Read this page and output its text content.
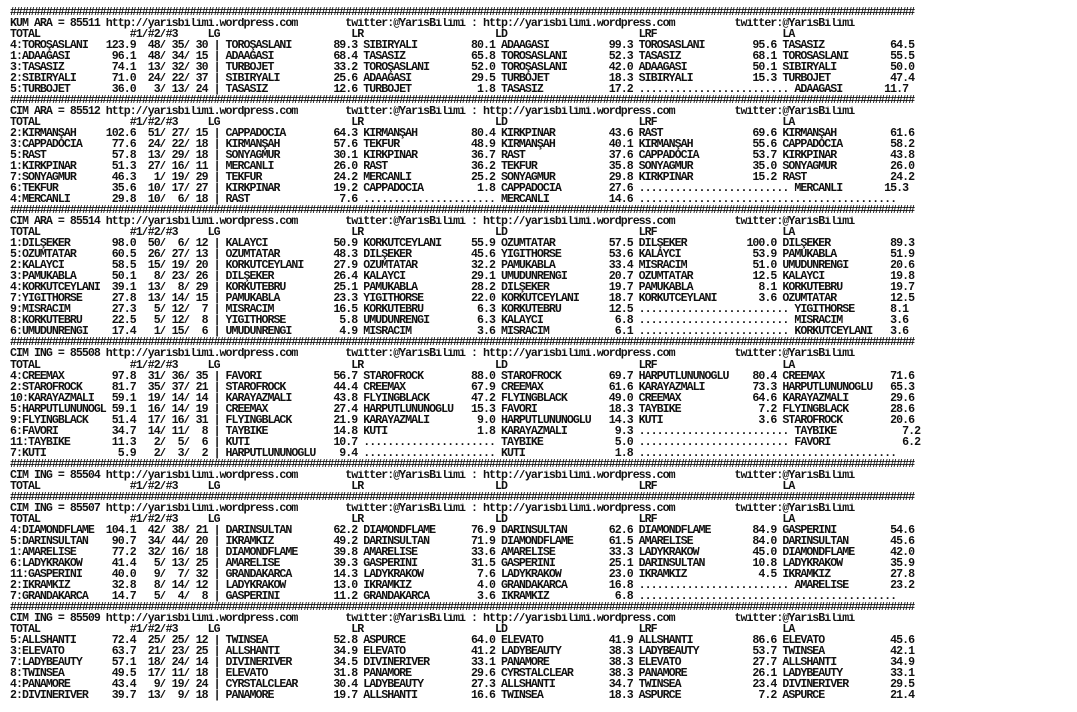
#######################################################################################################################################################
KUM ARA = 85511 http://yarisbilimi.wordpress.com        twitter:@YarisBilimi : http://yarisbilimi.wordpress.com          twitter:@YarisBilimi
TOTAL               #1/#2/#3     LG                      LR                      LD                      LRF                     LA
4:TOROŞASLANI   123.9  48/ 35/ 30 | TOROŞASLANI       89.3 SİBİRYALI         80.1 ADAAĞASI          99.3 TOROSASLANI        95.6 TASASIZ           64.5
1:ADAAĞASI       96.1  48/ 34/ 15 | ADAAĞASI          68.4 TASASIZ           65.8 TOROSASLANI       52.3 TASASIZ            68.1 TOROSASLANI       55.5
3:TASASIZ        74.1  13/ 32/ 30 | TURBOJET          33.2 TOROŞASLANI       52.0 TOROŞASLANI       42.0 ADAAĞASI           50.1 SİBİRYALI         50.0
2:SİBİRYALI      71.0  24/ 22/ 37 | SİBİRYALI         25.6 ADAAĞASI          29.5 TURBOJET          18.3 SİBİRYALI          15.3 TURBOJET          47.4
5:TURBOJET       36.0   3/ 13/ 24 | TASASIZ           12.6 TURBOJET           1.8 TASASIZ           17.2 ......................... ADAAĞASI       11.7
#######################################################################################################################################################
CIM ARA = 85512 http://yarisbilimi.wordpress.com        twitter:@YarisBilimi : http://yarisbilimi.wordpress.com          twitter:@YarisBilimi
TOTAL               #1/#2/#3     LG                      LR                      LD                      LRF                     LA
2:KIRMANŞAH     102.6  51/ 27/ 15 | CAPPADOCIA        64.3 KIRMANŞAH         80.4 KIRKPINAR         43.6 RAST               69.6 KIRMANŞAH         61.6
3:CAPPADOCIA     77.6  24/ 22/ 18 | KIRMANŞAH         57.6 TEKFUR            48.9 KIRMANŞAH         40.1 KIRMANŞAH          55.6 CAPPADOCIA        58.2
5:RAST           57.8  13/ 29/ 18 | SONYAĞMUR         30.1 KIRKPINAR         36.7 RAST              37.6 CAPPADOCIA         53.7 KIRKPINAR         43.8
1:KIRKPINAR      51.3  27/ 16/ 11 | MERCANLI          26.0 RAST              36.2 TEKFUR            35.8 SONYAĞMUR          35.0 SONYAĞMUR         26.0
7:SONYAĞMUR      46.3   1/ 19/ 29 | TEKFUR            24.2 MERCANLI          25.2 SONYAĞMUR         29.8 KIRKPINAR          15.2 RAST              24.2
6:TEKFUR         35.6  10/ 17/ 27 | KIRKPINAR         19.2 CAPPADOCIA         1.8 CAPPADOCIA        27.6 ......................... MERCANLI       15.3
4:MERCANLI       29.8  10/  6/ 18 | RAST               7.6 ...................... MERCANLI          14.6 ...........................................
#######################################################################################################################################################
CIM ARA = 85514 http://yarisbilimi.wordpress.com        twitter:@YarisBilimi : http://yarisbilimi.wordpress.com          twitter:@YarisBilimi
TOTAL               #1/#2/#3     LG                      LR                      LD                      LRF                     LA
1:DİLŞEKER       98.0  50/  6/ 12 | KALAYCI           50.9 KORKUTCEYLANI     55.9 ÖZÜMTATAR         57.5 DİLŞEKER          100.0 DİLŞEKER          89.3
5:ÖZÜMTATAR      60.5  26/ 27/ 13 | ÖZÜMTATAR         48.3 DİLŞEKER          45.6 YİĞİTHORSE        53.6 KALAYCI            53.9 PAMUKABLA         51.9
2:KALAYCI        58.5  15/ 19/ 20 | KORKUTCEYLANI     27.9 ÖZÜMTATAR         32.2 PAMUKABLA         33.4 MISRACIM           51.0 UMUDUNRENGİ       20.6
3:PAMUKABLA      50.1   8/ 23/ 26 | DİLŞEKER          26.4 KALAYCI           29.1 UMUDUNRENGİ       20.7 ÖZÜMTATAR          12.5 KALAYCI           19.8
4:KORKUTCEYLANI  39.1  13/  8/ 29 | KORKUTEBRU        25.1 PAMUKABLA         28.2 DİLŞEKER          19.7 PAMUKABLA           8.1 KORKUTEBRU        19.7
7:YİĞİTHORSE     27.8  13/ 14/ 15 | PAMUKABLA         23.3 YİĞİTHORSE        22.0 KORKUTCEYLANI     18.7 KORKUTCEYLANI       3.6 ÖZÜMTATAR         12.5
9:MISRACIM       27.3   5/ 12/  7 | MISRACIM          16.5 KORKUTEBRU         6.3 KORKUTEBRU        12.5 ......................... YİĞİTHORSE      8.1
8:KORKUTEBRU     22.5   5/ 12/  8 | YİĞİTHORSE         5.8 UMUDUNRENGİ        6.3 KALAYCI            6.8 ......................... MISRACIM        3.6
6:UMUDUNRENGİ    17.4   1/ 15/  6 | UMUDUNRENGİ        4.9 MISRACIM           3.6 MISRACIM           6.1 ......................... KORKUTCEYLANI   3.6
#######################################################################################################################################################
CIM ING = 85508 http://yarisbilimi.wordpress.com        twitter:@YarisBilimi : http://yarisbilimi.wordpress.com          twitter:@YarisBilimi
TOTAL               #1/#2/#3     LG                      LR                      LD                      LRF                     LA
4:CREEMAX        97.8  31/ 36/ 35 | FAVORİ            56.7 STAROFROCK        88.0 STAROFROCK        69.7 HARPUTLUNUNOĞLU    80.4 CREEMAX           71.6
2:STAROFROCK     81.7  35/ 37/ 21 | STAROFROCK        44.4 CREEMAX           67.9 CREEMAX           61.6 KARAYAZMALI        73.3 HARPUTLUNUNOĞLU   65.3
10:KARAYAZMALI   59.1  19/ 14/ 14 | KARAYAZMALI       43.8 FLYINGBLACK       47.2 FLYINGBLACK       49.0 CREEMAX            64.6 KARAYAZMALI       29.6
5:HARPUTLUNUNOĞL 59.1  16/ 14/ 19 | CREEMAX           27.4 HARPUTLUNUNOĞLU   15.3 FAVORİ            18.3 TAYBİKE             7.2 FLYINGBLACK       28.6
9:FLYINGBLACK    51.4  17/ 16/ 31 | FLYINGBLACK       21.9 KARAYAZMALI        9.0 HARPUTLUNUNOĞLU   14.3 KUTİ                3.6 STAROFROCK        20.6
6:FAVORİ         34.7  14/ 11/  8 | TAYBİKE           14.8 KUTİ               1.8 KARAYAZMALI        9.3 ......................... TAYBİKE           7.2
11:TAYBİKE       11.3   2/  5/  6 | KUTİ              10.7 ...................... TAYBİKE            5.0 ......................... FAVORİ            6.2
7:KUTİ            5.9   2/  3/  2 | HARPUTLUNUNOĞLU    9.4 ...................... KUTİ               1.8 ...........................................
#######################################################################################################################################################
CIM ING = 85504 http://yarisbilimi.wordpress.com        twitter:@YarisBilimi : http://yarisbilimi.wordpress.com          twitter:@YarisBilimi
TOTAL               #1/#2/#3     LG                      LR                      LD                      LRF                     LA
#######################################################################################################################################################
CIM ING = 85507 http://yarisbilimi.wordpress.com        twitter:@YarisBilimi : http://yarisbilimi.wordpress.com          twitter:@YarisBilimi
TOTAL               #1/#2/#3     LG                      LR                      LD                      LRF                     LA
4:DIAMONDFLAME  104.1  42/ 38/ 21 | DARİNSULTAN       62.2 DIAMONDFLAME      76.9 DARİNSULTAN       62.6 DIAMONDFLAME       84.9 GASPERINI         54.6
5:DARİNSULTAN    90.7  34/ 44/ 20 | İKRAMKIZ          49.2 DARİNSULTAN       71.9 DIAMONDFLAME      61.5 AMARELISE          84.0 DARİNSULTAN       45.6
1:AMARELISE      77.2  32/ 16/ 18 | DIAMONDFLAME      39.8 AMARELISE         33.6 AMARELISE         33.3 LADYKRAKOW         45.0 DIAMONDFLAME      42.0
6:LADYKRAKOW     41.4   5/ 13/ 25 | AMARELISE         39.3 GASPERINI         31.5 GASPERINI         25.1 DARİNSULTAN        10.8 LADYKRAKOW        35.9
11:GASPERINI     40.0   9/  7/ 32 | GRANDAKARCA       14.3 LADYKRAKOW         7.6 LADYKRAKOW        23.0 İKRAMKIZ            4.5 İKRAMKIZ          27.8
2:İKRAMKIZ       32.8   8/ 14/ 12 | LADYKRAKOW        13.0 İKRAMKIZ           4.0 GRANDAKARCA       16.8 ......................... AMARELISE       23.2
7:GRANDAKARCA    14.7   5/  4/  8 | GASPERINI         11.2 GRANDAKARCA        3.6 İKRAMKIZ           6.8 ...........................................
#######################################################################################################################################################
CIM ING = 85509 http://yarisbilimi.wordpress.com        twitter:@YarisBilimi : http://yarisbilimi.wordpress.com          twitter:@YarisBilimi
TOTAL               #1/#2/#3     LG                      LR                      LD                      LRF                     LA
5:ALLSHANTI      72.4  25/ 25/ 12 | TWINSEA           52.8 ASPURCE           64.0 ELEVATO           41.9 ALLSHANTI          86.6 ELEVATO           45.6
3:ELEVATO        63.7  21/ 23/ 25 | ALLSHANTI         34.9 ELEVATO           41.2 LADYBEAUTY        38.3 LADYBEAUTY         53.7 TWINSEA           42.1
7:LADYBEAUTY     57.1  18/ 24/ 14 | DIVINERIVER       34.5 DIVINERIVER       33.1 PANAMORE          38.3 ELEVATO            27.7 ALLSHANTI         34.9
8:TWINSEA        49.5  17/ 11/ 18 | ELEVATO           31.8 PANAMORE          29.6 CYRSTALCLEAR      38.3 PANAMORE           26.1 LADYBEAUTY        33.1
4:PANAMORE       43.4   9/ 19/ 24 | CYRSTALCLEAR      30.4 LADYBEAUTY        27.3 ALLSHANTI         34.7 TWINSEA            23.4 DIVINERIVER       29.5
2:DIVINERIVER    39.7  13/  9/ 18 | PANAMORE          19.7 ALLSHANTI         16.6 TWINSEA           18.3 ASPURCE             7.2 ASPURCE           21.4
